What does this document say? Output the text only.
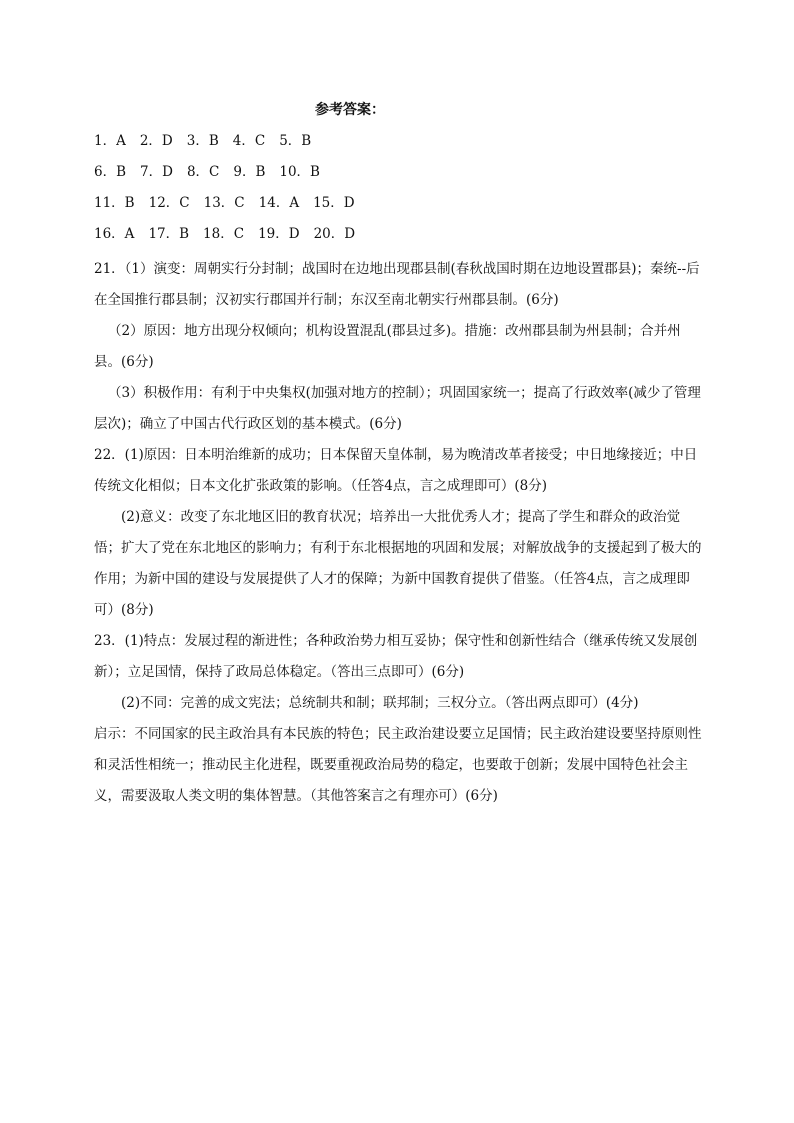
参考答案：
1．A 2．D 3．B 4．C 5．B
6．B 7．D 8．C 9．B 10．B
11．B 12．C 13．C 14．A 15．D
16．A 17．B 18．C 19．D 20．D

21．（1）演变：周朝实行分封制；战国时在边地出现郡县制(春秋战国时期在边地设置郡县)；秦统--后在全国推行郡县制；汉初实行郡国并行制；东汉至南北朝实行州郡县制。(6分)

（2）原因：地方出现分权倾向；机构设置混乱(郡县过多)。措施：改州郡县制为州县制；合并州县。(6分)

（3）积极作用：有利于中央集权(加强对地方的控制）；巩固国家统一；提高了行政效率(减少了管理层次)；确立了中国古代行政区划的基本模式。(6分)

22．(1)原因：日本明治维新的成功；日本保留天皇体制，易为晚清改革者接受；中日地缘接近；中日传统文化相似；日本文化扩张政策的影响。（任答4点，言之成理即可）(8分)

(2)意义：改变了东北地区旧的教育状况；培养出一大批优秀人才；提高了学生和群众的政治觉悟；扩大了党在东北地区的影响力；有利于东北根据地的巩固和发展；对解放战争的支援起到了极大的作用；为新中国的建设与发展提供了人才的保障；为新中国教育提供了借鉴。（任答4点，言之成理即可）(8分)

23．(1)特点：发展过程的渐进性；各种政治势力相互妥协；保守性和创新性结合（继承传统又发展创新）；立足国情，保持了政局总体稳定。（答出三点即可）(6分)

(2)不同：完善的成文宪法；总统制共和制；联邦制；三权分立。（答出两点即可）(4分)

启示：不同国家的民主政治具有本民族的特色；民主政治建设要立足国情；民主政治建设要坚持原则性和灵活性相统一；推动民主化进程，既要重视政治局势的稳定，也要敢于创新；发展中国特色社会主义，需要汲取人类文明的集体智慧。（其他答案言之有理亦可）(6分)
